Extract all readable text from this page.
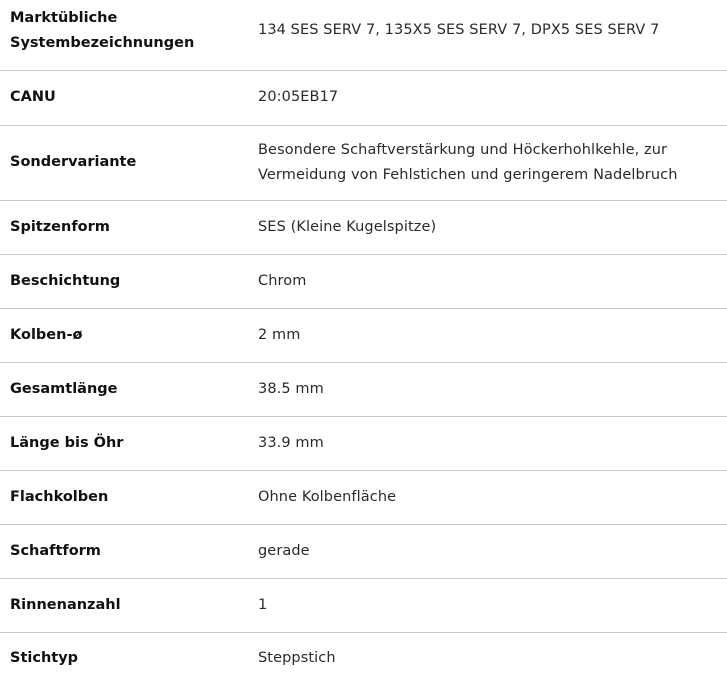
Marktübliche Systembezeichnungen	134 SES SERV 7, 135X5 SES SERV 7, DPX5 SES SERV 7
CANU	20:05EB17
Sondervariante	Besondere Schaftverstärkung und Höckerhohlkehle, zur Vermeidung von Fehlstichen und geringerem Nadelbruch
Spitzenform	SES (Kleine Kugelspitze)
Beschichtung	Chrom
Kolben-ø	2 mm
Gesamtlänge	38.5 mm
Länge bis Öhr	33.9 mm
Flachkolben	Ohne Kolbenfläche
Schaftform	gerade
Rinnenanzahl	1
Stichtyp	Steppstich
